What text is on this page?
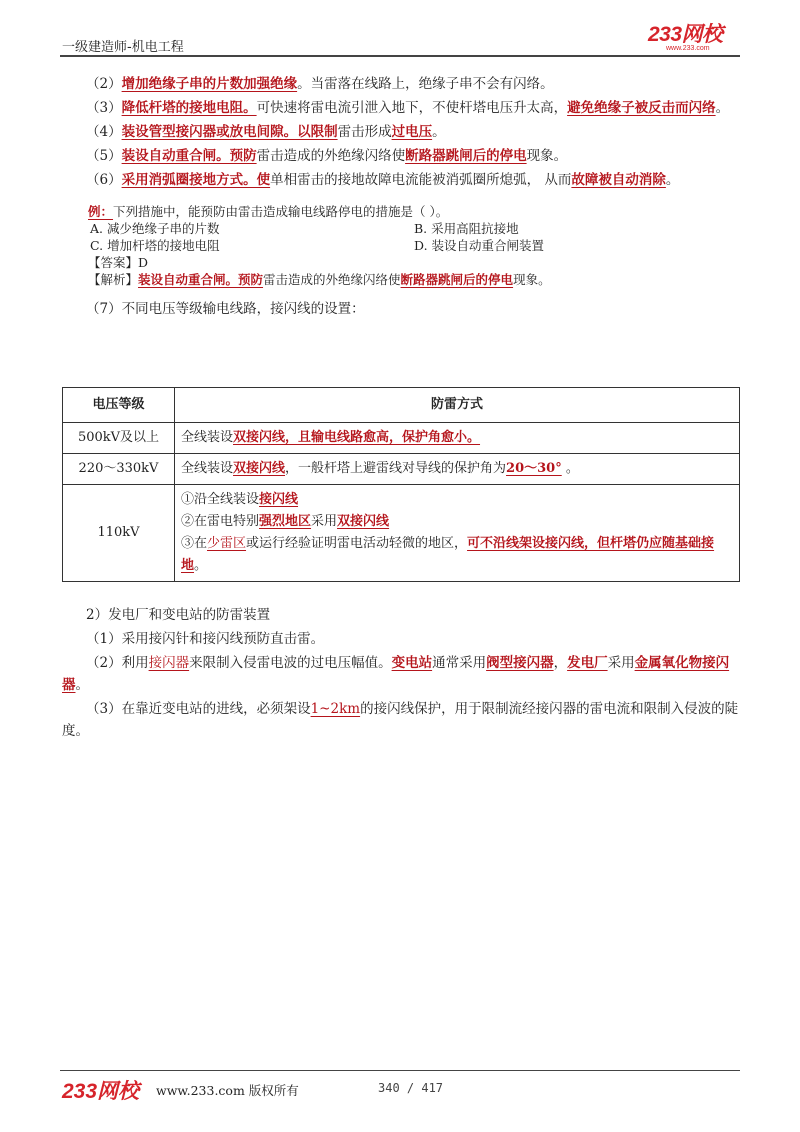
一级建造师-机电工程
233网校
www.233.com
（2）增加绝缘子串的片数加强绝缘。当雷落在线路上，绝缘子串不会有闪络。
（3）降低杆塔的接地电阻。可快速将雷电流引泄入地下，不使杆塔电压升太高，避免绝缘子被反击而闪络。
（4）装设管型接闪器或放电间隙。以限制雷击形成过电压。
（5）装设自动重合闸。预防雷击造成的外绝缘闪络使断路器跳闸后的停电现象。
（6）采用消弧圈接地方式。使单相雷击的接地故障电流能被消弧圈所熄弧， 从而故障被自动消除。
例：下列措施中，能预防由雷击造成输电线路停电的措施是（ ）。
A. 减少绝缘子串的片数	B. 采用高阻抗接地
C. 增加杆塔的接地电阻	D. 装设自动重合闸装置
【答案】D
【解析】装设自动重合闸。预防雷击造成的外绝缘闪络使断路器跳闸后的停电现象。
（7）不同电压等级输电线路，接闪线的设置：
电压等级	防雷方式
500kV及以上	全线装设双接闪线，且输电线路愈高，保护角愈小。
220～330kV	全线装设双接闪线，一般杆塔上避雷线对导线的保护角为20～30° 。
110kV	①沿全线装设接闪线
②在雷电特别强烈地区采用双接闪线
③在少雷区或运行经验证明雷电活动轻微的地区，可不沿线架设接闪线，但杆塔仍应随基础接地。
2）发电厂和变电站的防雷装置
（1）采用接闪针和接闪线预防直击雷。
（2）利用接闪器来限制入侵雷电波的过电压幅值。变电站通常采用阀型接闪器，发电厂采用金属氧化物接闪器。
（3）在靠近变电站的进线，必须架设1~2km的接闪线保护，用于限制流经接闪器的雷电流和限制入侵波的陡度。
233网校 www.233.com 版权所有	340 / 417
